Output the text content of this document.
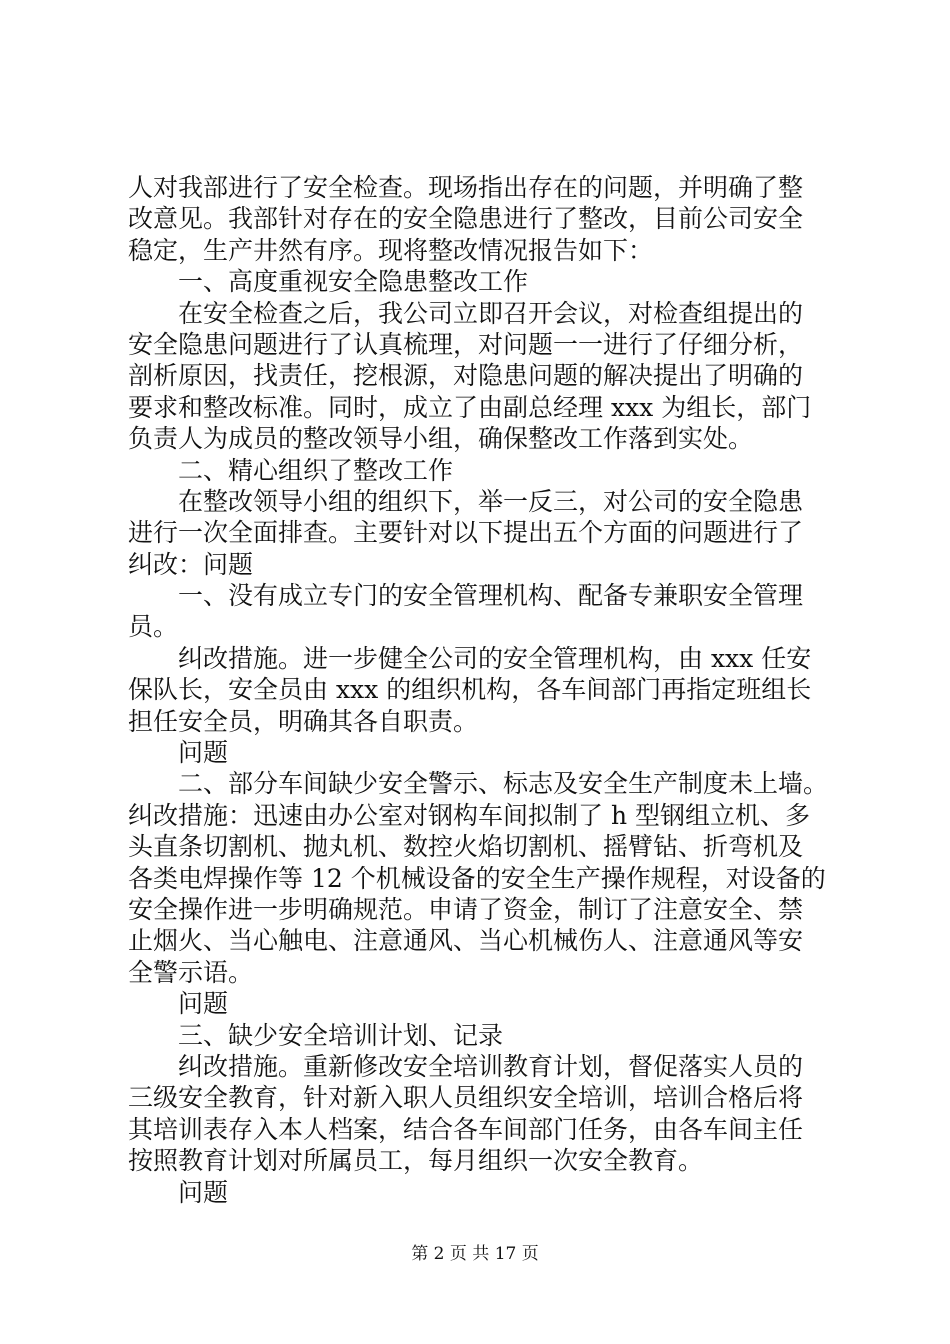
人对我部进行了安全检查。现场指出存在的问题，并明确了整
改意见。我部针对存在的安全隐患进行了整改，目前公司安全
稳定，生产井然有序。现将整改情况报告如下：
一、高度重视安全隐患整改工作
在安全检查之后，我公司立即召开会议，对检查组提出的
安全隐患问题进行了认真梳理，对问题一一进行了仔细分析，
剖析原因，找责任，挖根源，对隐患问题的解决提出了明确的
要求和整改标准。同时，成立了由副总经理 xxx 为组长，部门
负责人为成员的整改领导小组，确保整改工作落到实处。
二、精心组织了整改工作
在整改领导小组的组织下，举一反三，对公司的安全隐患
进行一次全面排查。主要针对以下提出五个方面的问题进行了
纠改：问题
一、没有成立专门的安全管理机构、配备专兼职安全管理
员。
纠改措施。进一步健全公司的安全管理机构，由 xxx 任安
保队长，安全员由 xxx 的组织机构，各车间部门再指定班组长
担任安全员，明确其各自职责。
问题
二、部分车间缺少安全警示、标志及安全生产制度未上墙。
纠改措施：迅速由办公室对钢构车间拟制了 h 型钢组立机、多
头直条切割机、抛丸机、数控火焰切割机、摇臂钻、折弯机及
各类电焊操作等 12 个机械设备的安全生产操作规程，对设备的
安全操作进一步明确规范。申请了资金，制订了注意安全、禁
止烟火、当心触电、注意通风、当心机械伤人、注意通风等安
全警示语。
问题
三、缺少安全培训计划、记录
纠改措施。重新修改安全培训教育计划，督促落实人员的
三级安全教育，针对新入职人员组织安全培训，培训合格后将
其培训表存入本人档案，结合各车间部门任务，由各车间主任
按照教育计划对所属员工，每月组织一次安全教育。
问题
第 2 页 共 17 页
